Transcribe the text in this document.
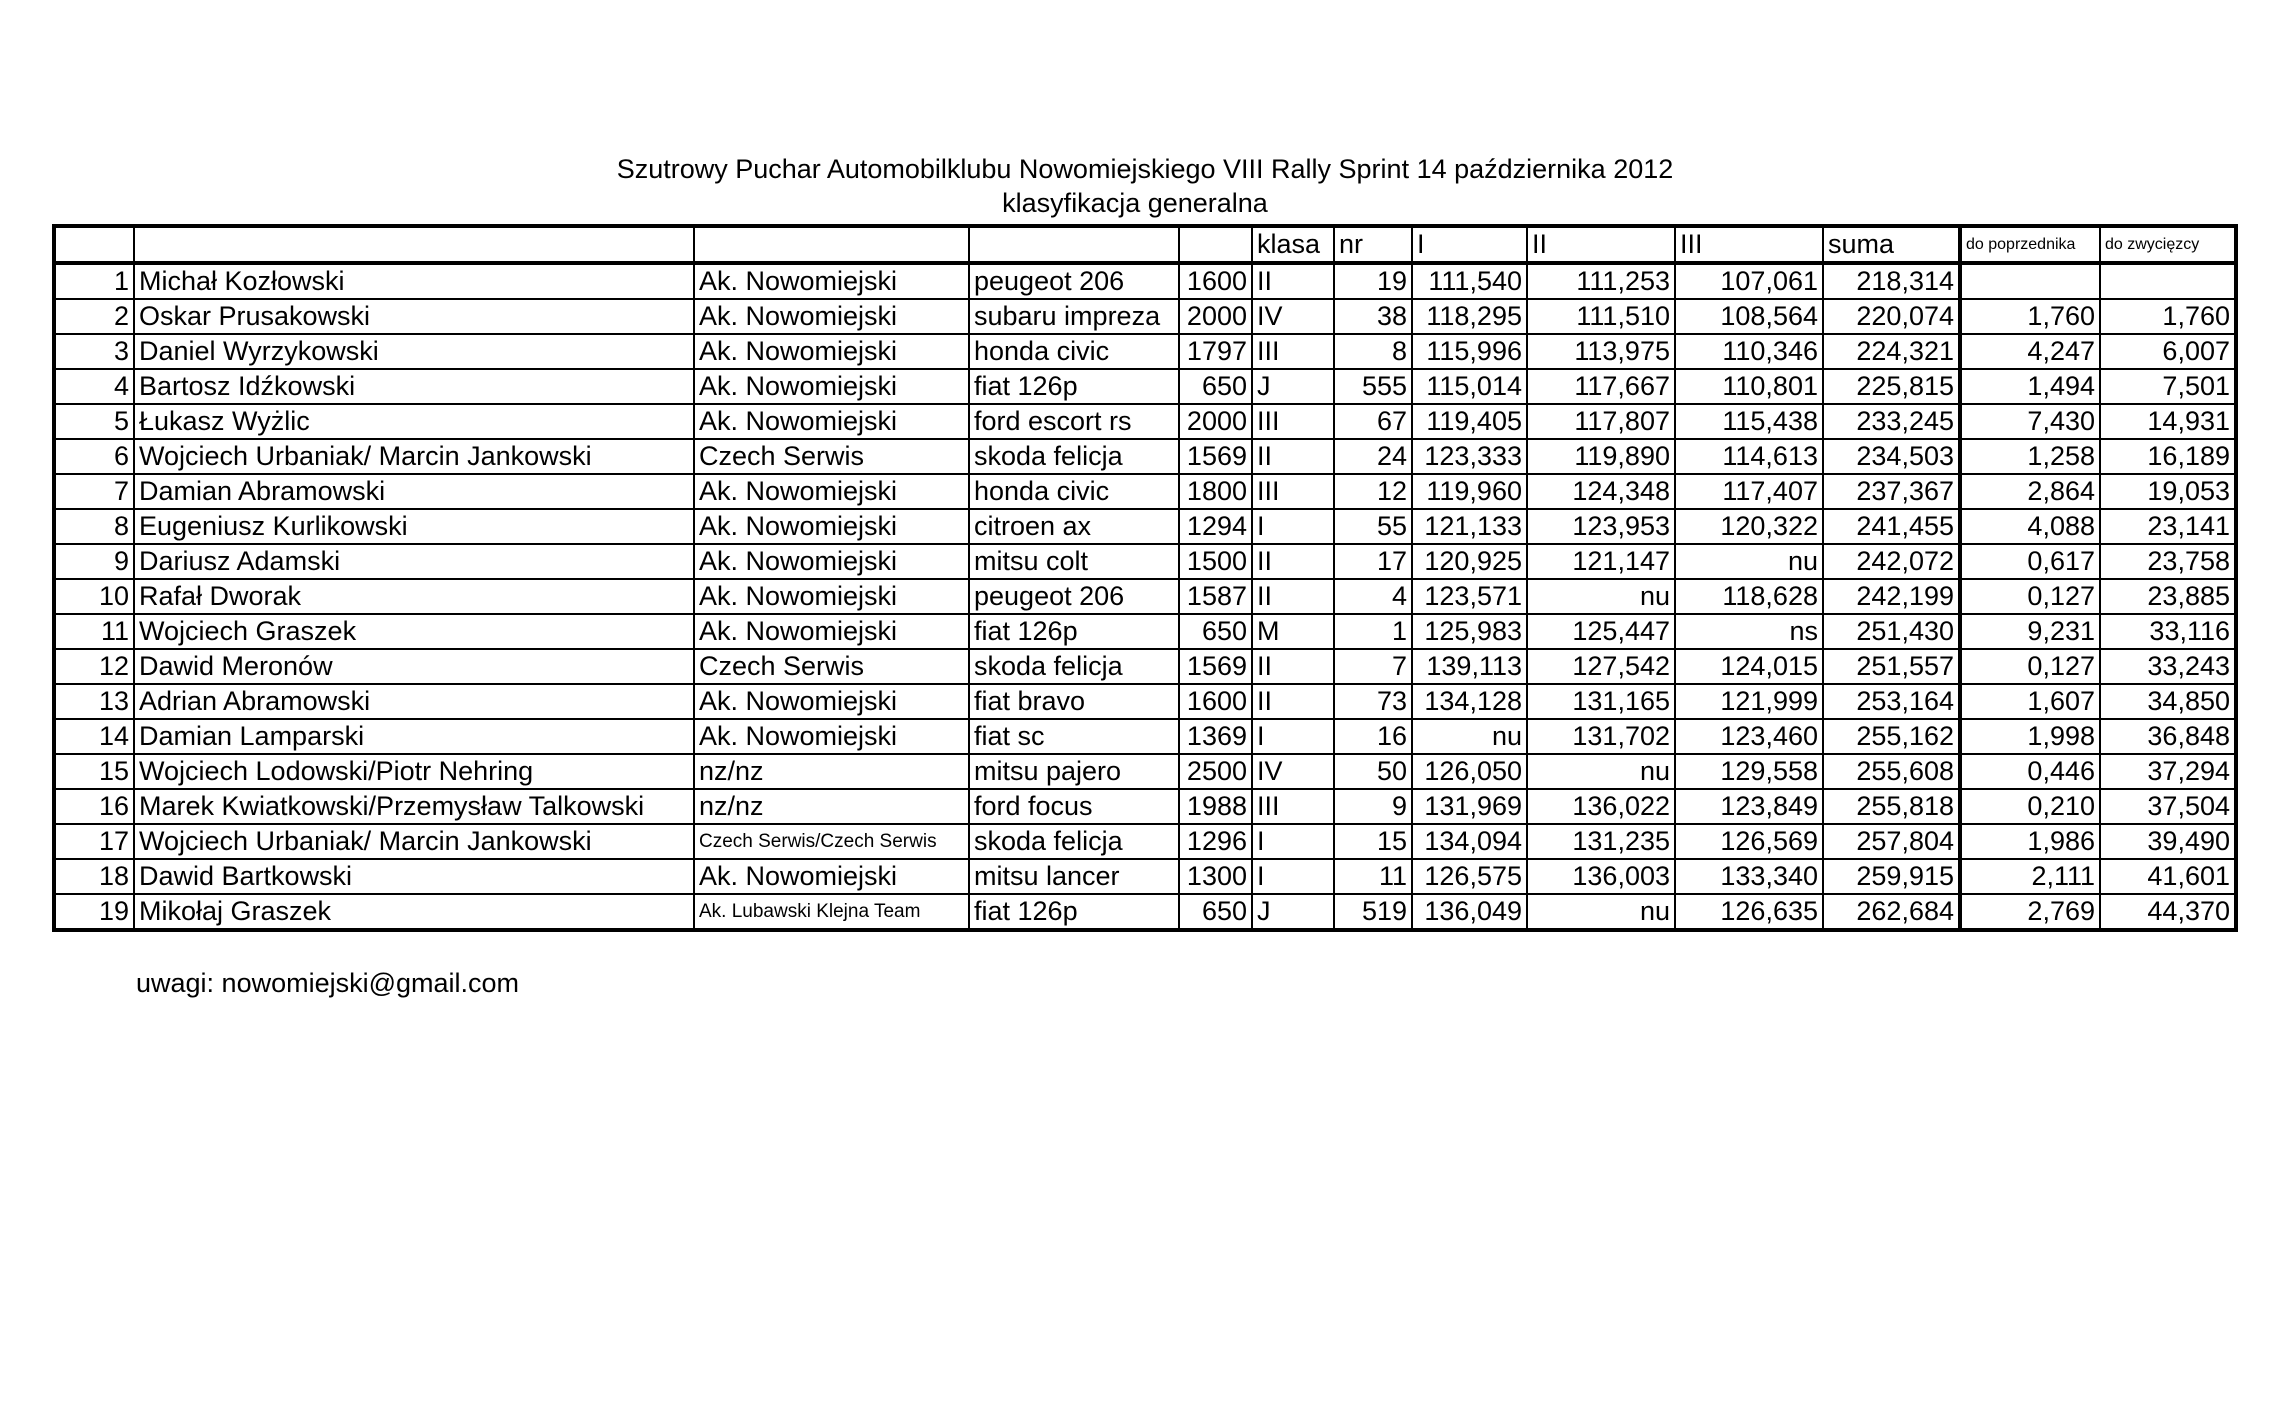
Szutrowy Puchar Automobilklubu Nowomiejskiego VIII Rally Sprint 14 października 2012
klasyfikacja generalna
					klasa	nr	I	II	III	suma	do poprzednika	do zwycięzcy
1	Michał Kozłowski	Ak. Nowomiejski	peugeot 206	1600	II	19	111,540	111,253	107,061	218,314		
2	Oskar Prusakowski	Ak. Nowomiejski	subaru impreza	2000	IV	38	118,295	111,510	108,564	220,074	1,760	1,760
3	Daniel Wyrzykowski	Ak. Nowomiejski	honda civic	1797	III	8	115,996	113,975	110,346	224,321	4,247	6,007
4	Bartosz Idźkowski	Ak. Nowomiejski	fiat 126p	650	J	555	115,014	117,667	110,801	225,815	1,494	7,501
5	Łukasz Wyżlic	Ak. Nowomiejski	ford escort rs	2000	III	67	119,405	117,807	115,438	233,245	7,430	14,931
6	Wojciech Urbaniak/ Marcin Jankowski	Czech Serwis	skoda felicja	1569	II	24	123,333	119,890	114,613	234,503	1,258	16,189
7	Damian Abramowski	Ak. Nowomiejski	honda civic	1800	III	12	119,960	124,348	117,407	237,367	2,864	19,053
8	Eugeniusz Kurlikowski	Ak. Nowomiejski	citroen ax	1294	I	55	121,133	123,953	120,322	241,455	4,088	23,141
9	Dariusz Adamski	Ak. Nowomiejski	mitsu colt	1500	II	17	120,925	121,147	nu	242,072	0,617	23,758
10	Rafał Dworak	Ak. Nowomiejski	peugeot 206	1587	II	4	123,571	nu	118,628	242,199	0,127	23,885
11	Wojciech Graszek	Ak. Nowomiejski	fiat 126p	650	M	1	125,983	125,447	ns	251,430	9,231	33,116
12	Dawid Meronów	Czech Serwis	skoda felicja	1569	II	7	139,113	127,542	124,015	251,557	0,127	33,243
13	Adrian Abramowski	Ak. Nowomiejski	fiat bravo	1600	II	73	134,128	131,165	121,999	253,164	1,607	34,850
14	Damian Lamparski	Ak. Nowomiejski	fiat sc	1369	I	16	nu	131,702	123,460	255,162	1,998	36,848
15	Wojciech Lodowski/Piotr Nehring	nz/nz	mitsu pajero	2500	IV	50	126,050	nu	129,558	255,608	0,446	37,294
16	Marek Kwiatkowski/Przemysław Talkowski	nz/nz	ford focus	1988	III	9	131,969	136,022	123,849	255,818	0,210	37,504
17	Wojciech Urbaniak/ Marcin Jankowski	Czech Serwis/Czech Serwis	skoda felicja	1296	I	15	134,094	131,235	126,569	257,804	1,986	39,490
18	Dawid Bartkowski	Ak. Nowomiejski	mitsu lancer	1300	I	11	126,575	136,003	133,340	259,915	2,111	41,601
19	Mikołaj Graszek	Ak. Lubawski Klejna Team	fiat 126p	650	J	519	136,049	nu	126,635	262,684	2,769	44,370
uwagi: nowomiejski@gmail.com
